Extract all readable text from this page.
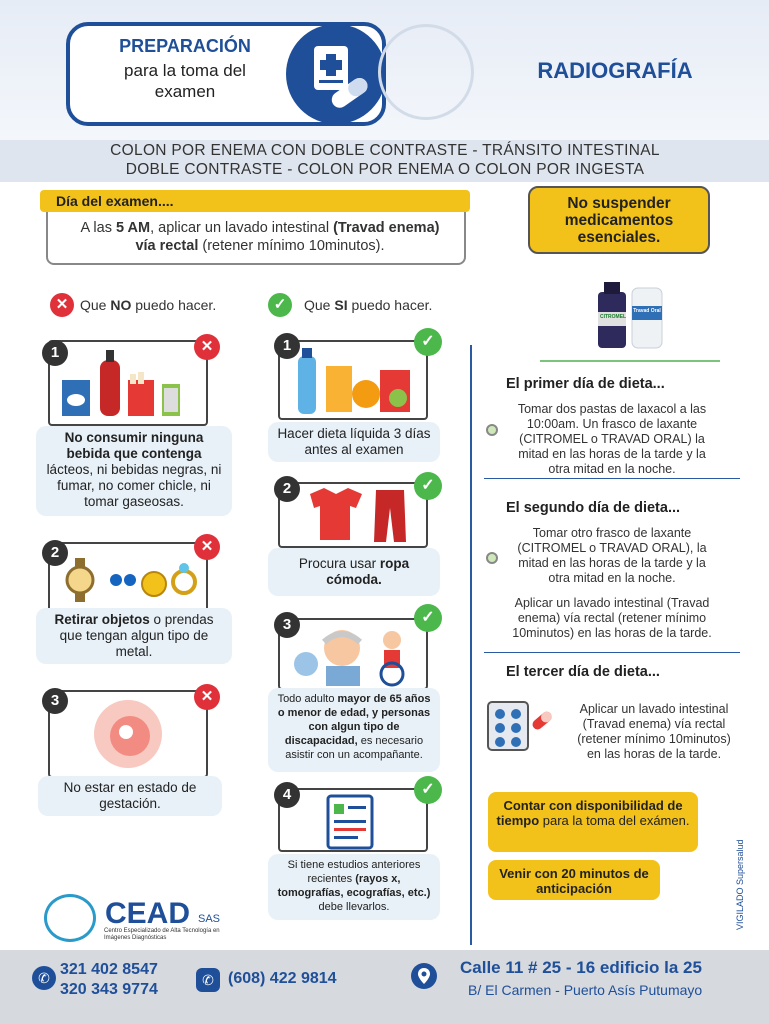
PREPARACIÓN
para la toma del
examen
RADIOGRAFÍA
COLON POR ENEMA CON DOBLE CONTRASTE - TRÁNSITO INTESTINAL
DOBLE CONTRASTE - COLON POR ENEMA O COLON POR INGESTA
Día del examen....
A las 5 AM, aplicar un lavado intestinal (Travad enema) vía rectal (retener mínimo 10minutos).
No suspender
medicamentos
esenciales.
✕ Que NO puedo hacer.	✓	Que SI puedo hacer.
1	✕
No consumir ninguna bebida que contenga lácteos, ni bebidas negras, ni fumar, no comer chicle, ni tomar gaseosas.
2	✕
Retirar objetos o prendas que tengan algun tipo de metal.
3	✕
No estar en estado de gestación.
1	✓
Hacer dieta líquida 3 días antes al examen
2	✓
Procura usar ropa cómoda.
3	✓
Todo adulto mayor de 65 años o menor de edad, y personas con algun tipo de discapacidad, es necesario asistir con un acompañante.
4	✓
Si tiene estudios anteriores recientes (rayos x, tomografías, ecografías, etc.) debe llevarlos.
CITROMEL
Travad Oral
El primer día de dieta...
Tomar dos pastas de laxacol a las 10:00am. Un frasco de laxante (CITROMEL o TRAVAD ORAL) la mitad en las horas de la tarde y la otra mitad en la noche.
El segundo día de dieta...
Tomar otro frasco de laxante (CITROMEL o TRAVAD ORAL), la mitad en las horas de la tarde y la otra mitad en la noche.
Aplicar un lavado intestinal (Travad enema) vía rectal (retener mínimo 10minutos) en las horas de la tarde.
El tercer día de dieta...
Aplicar un lavado intestinal (Travad enema) vía rectal (retener mínimo 10minutos) en las horas de la tarde.
Contar con disponibilidad de tiempo para la toma del exámen.
Venir con 20 minutos de anticipación	VIGILADO Supersalud
CEAD SAS
Centro Especializado de Alta Tecnología en Imágenes Diagnósticas
✆ 321 402 8547
320 343 9774
✆ (608) 422 9814
Calle 11 # 25 - 16 edificio la 25
B/ El Carmen - Puerto Asís Putumayo
